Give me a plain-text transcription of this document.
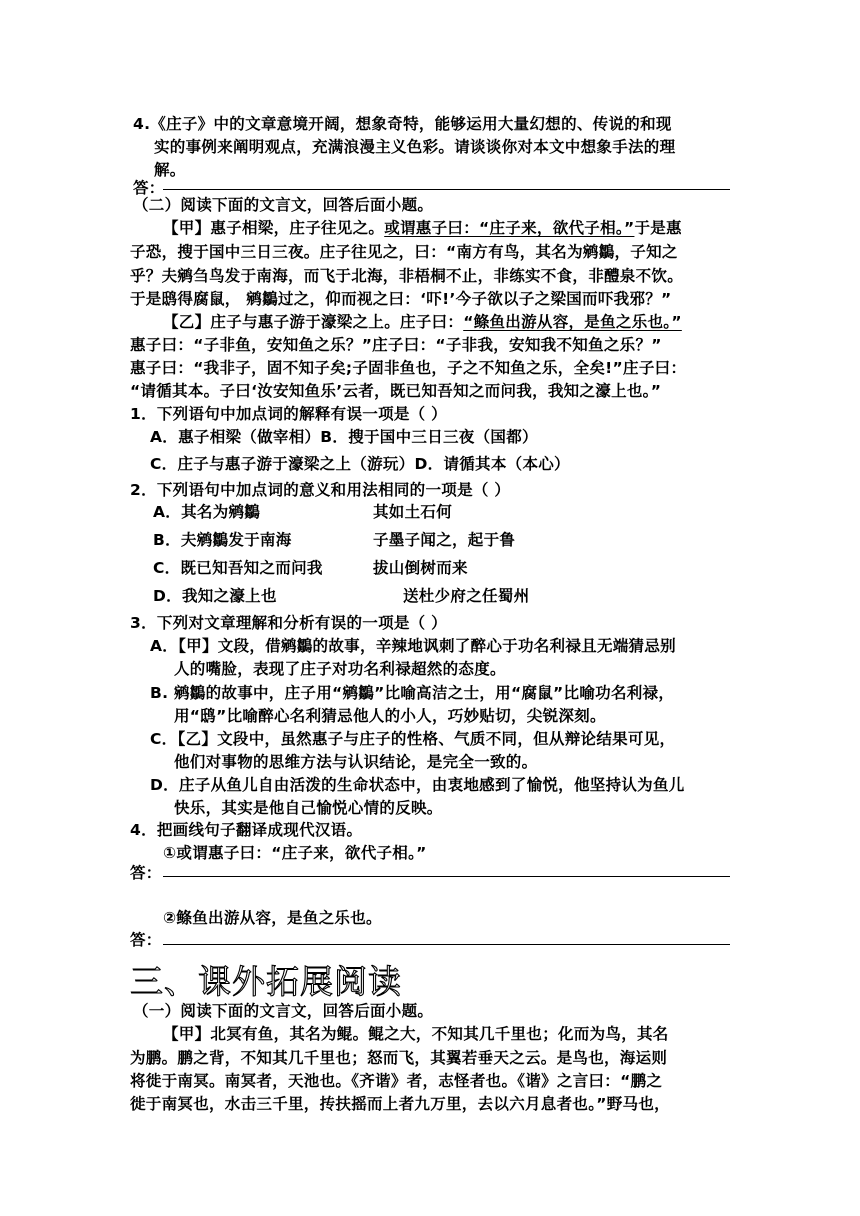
4.《庄子》中的文章意境开阔，想象奇特，能够运用大量幻想的、传说的和现
实的事例来阐明观点，充满浪漫主义色彩。请谈谈你对本文中想象手法的理
解。
答：
（二）阅读下面的文言文，回答后面小题。
【甲】惠子相梁，庄子往见之。或谓惠子曰：“庄子来，欲代子相。”于是惠
子恐，搜于国中三日三夜。庄子往见之，曰：“南方有鸟，其名为鹓鶵，子知之
乎？夫鹓刍鸟发于南海，而飞于北海，非梧桐不止，非练实不食，非醴泉不饮。
于是鸱得腐鼠， 鹓鶵过之，仰而视之曰：‘吓!’今子欲以子之梁国而吓我邪？”
【乙】庄子与惠子游于濠梁之上。庄子曰：“鲦鱼出游从容，是鱼之乐也。”
惠子曰：“子非鱼，安知鱼之乐？”庄子曰：“子非我，安知我不知鱼之乐？”
惠子曰：“我非子，固不知子矣;子固非鱼也，子之不知鱼之乐，全矣!”庄子曰：
“请循其本。子曰‘汝安知鱼乐’云者，既已知吾知之而问我，我知之濠上也。”
1．下列语句中加点词的解释有误一项是（ ）
A．惠子相梁（做宰相）B．搜于国中三日三夜（国都）
C．庄子与惠子游于濠梁之上（游玩）D．请循其本（本心）
2．下列语句中加点词的意义和用法相同的一项是（ ）
A．其名为鹓鶵	其如土石何
B．夫鹓鶵发于南海	子墨子闻之，起于鲁
C．既已知吾知之而问我	拔山倒树而来
D．我知之濠上也	送杜少府之任蜀州
3．下列对文章理解和分析有误的一项是（ ）
A．【甲】文段，借鹓鶵的故事，辛辣地讽刺了醉心于功名利禄且无端猜忌别
人的嘴脸，表现了庄子对功名利禄超然的态度。
B. 鹓鶵的故事中，庄子用“鹓鶵”比喻高洁之士，用“腐鼠”比喻功名利禄，
用“鸱”比喻醉心名利猜忌他人的小人，巧妙贴切，尖锐深刻。
C．【乙】文段中，虽然惠子与庄子的性格、气质不同，但从辩论结果可见，
他们对事物的思维方法与认识结论，是完全一致的。
D．庄子从鱼儿自由活泼的生命状态中，由衷地感到了愉悦，他坚持认为鱼儿
快乐，其实是他自己愉悦心情的反映。
4．把画线句子翻译成现代汉语。
①或谓惠子曰：“庄子来，欲代子相。”
答：
②鲦鱼出游从容，是鱼之乐也。
答：
三、课外拓展阅读
（一）阅读下面的文言文，回答后面小题。
【甲】北冥有鱼，其名为鲲。鲲之大，不知其几千里也；化而为鸟，其名
为鹏。鹏之背，不知其几千里也；怒而飞，其翼若垂天之云。是鸟也，海运则
将徙于南冥。南冥者，天池也。《齐谐》者，志怪者也。《谐》之言曰：“鹏之
徙于南冥也，水击三千里，抟扶摇而上者九万里，去以六月息者也。”野马也，
